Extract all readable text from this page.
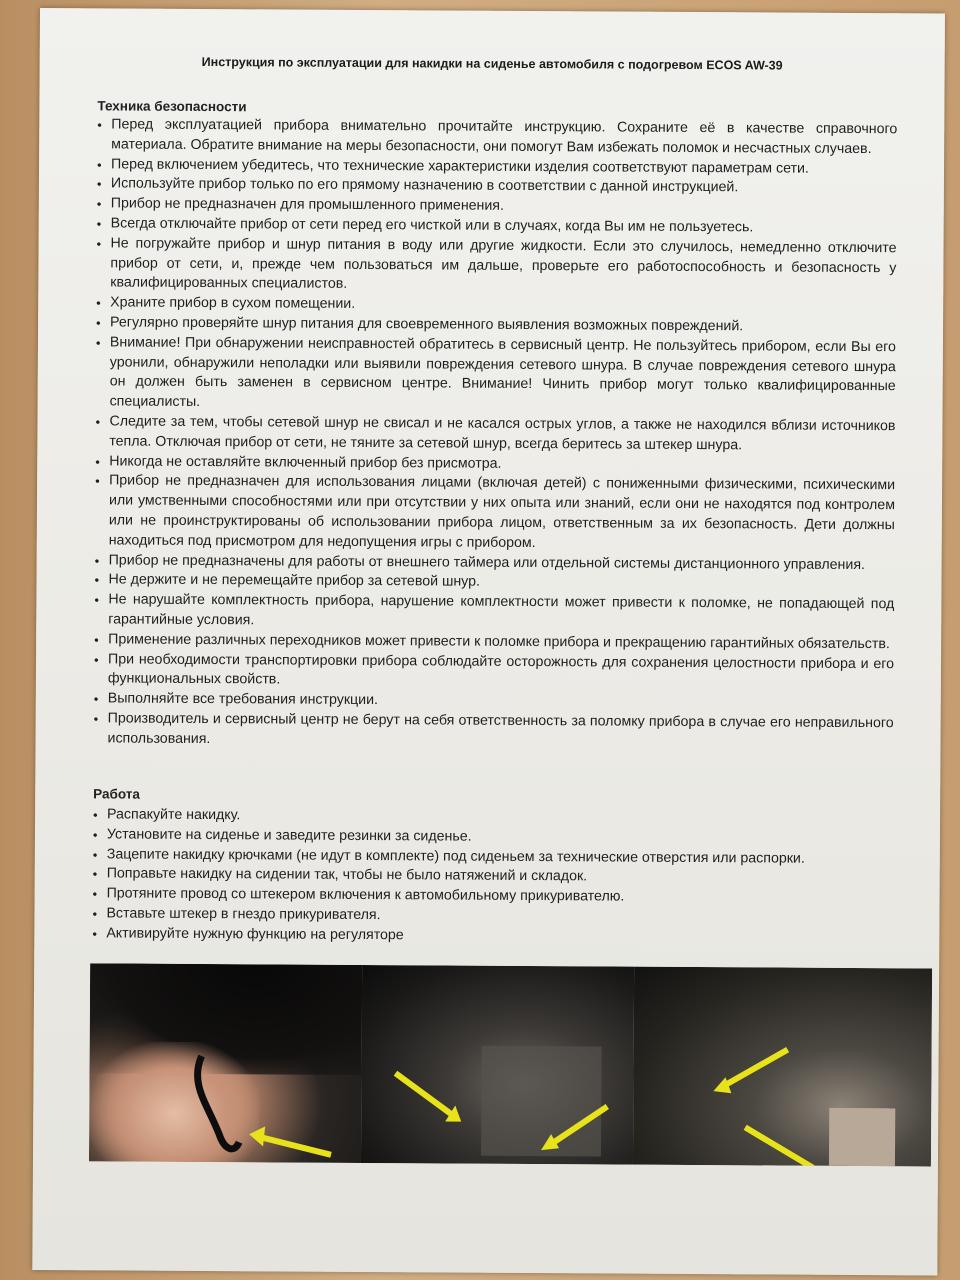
Инструкция по эксплуатации для накидки на сиденье автомобиля с подогревом ECOS AW-39
Техника безопасности
• Перед эксплуатацией прибора внимательно прочитайте инструкцию. Сохраните её в качестве справочного материала. Обратите внимание на меры безопасности, они помогут Вам избежать поломок и несчастных случаев.
• Перед включением убедитесь, что технические характеристики изделия соответствуют параметрам сети.
• Используйте прибор только по его прямому назначению в соответствии с данной инструкцией.
• Прибор не предназначен для промышленного применения.
• Всегда отключайте прибор от сети перед его чисткой или в случаях, когда Вы им не пользуетесь.
• Не погружайте прибор и шнур питания в воду или другие жидкости. Если это случилось, немедленно отключите прибор от сети, и, прежде чем пользоваться им дальше, проверьте его работоспособность и безопасность у квалифицированных специалистов.
• Храните прибор в сухом помещении.
• Регулярно проверяйте шнур питания для своевременного выявления возможных повреждений.
• Внимание! При обнаружении неисправностей обратитесь в сервисный центр. Не пользуйтесь прибором, если Вы его уронили, обнаружили неполадки или выявили повреждения сетевого шнура. В случае повреждения сетевого шнура он должен быть заменен в сервисном центре. Внимание! Чинить прибор могут только квалифицированные специалисты.
• Следите за тем, чтобы сетевой шнур не свисал и не касался острых углов, а также не находился вблизи источников тепла. Отключая прибор от сети, не тяните за сетевой шнур, всегда беритесь за штекер шнура.
• Никогда не оставляйте включенный прибор без присмотра.
• Прибор не предназначен для использования лицами (включая детей) с пониженными физическими, психическими или умственными способностями или при отсутствии у них опыта или знаний, если они не находятся под контролем или не проинструктированы об использовании прибора лицом, ответственным за их безопасность. Дети должны находиться под присмотром для недопущения игры с прибором.
• Прибор не предназначены для работы от внешнего таймера или отдельной системы дистанционного управления.
• Не держите и не перемещайте прибор за сетевой шнур.
• Не нарушайте комплектность прибора, нарушение комплектности может привести к поломке, не попадающей под гарантийные условия.
• Применение различных переходников может привести к поломке прибора и прекращению гарантийных обязательств.
• При необходимости транспортировки прибора соблюдайте осторожность для сохранения целостности прибора и его функциональных свойств.
• Выполняйте все требования инструкции.
• Производитель и сервисный центр не берут на себя ответственность за поломку прибора в случае его неправильного использования.
Работа
• Распакуйте накидку.
• Установите на сиденье и заведите резинки за сиденье.
• Зацепите накидку крючками (не идут в комплекте) под сиденьем за технические отверстия или распорки.
• Поправьте накидку на сидении так, чтобы не было натяжений и складок.
• Протяните провод со штекером включения к автомобильному прикуривателю.
• Вставьте штекер в гнездо прикуривателя.
• Активируйте нужную функцию на регуляторе
